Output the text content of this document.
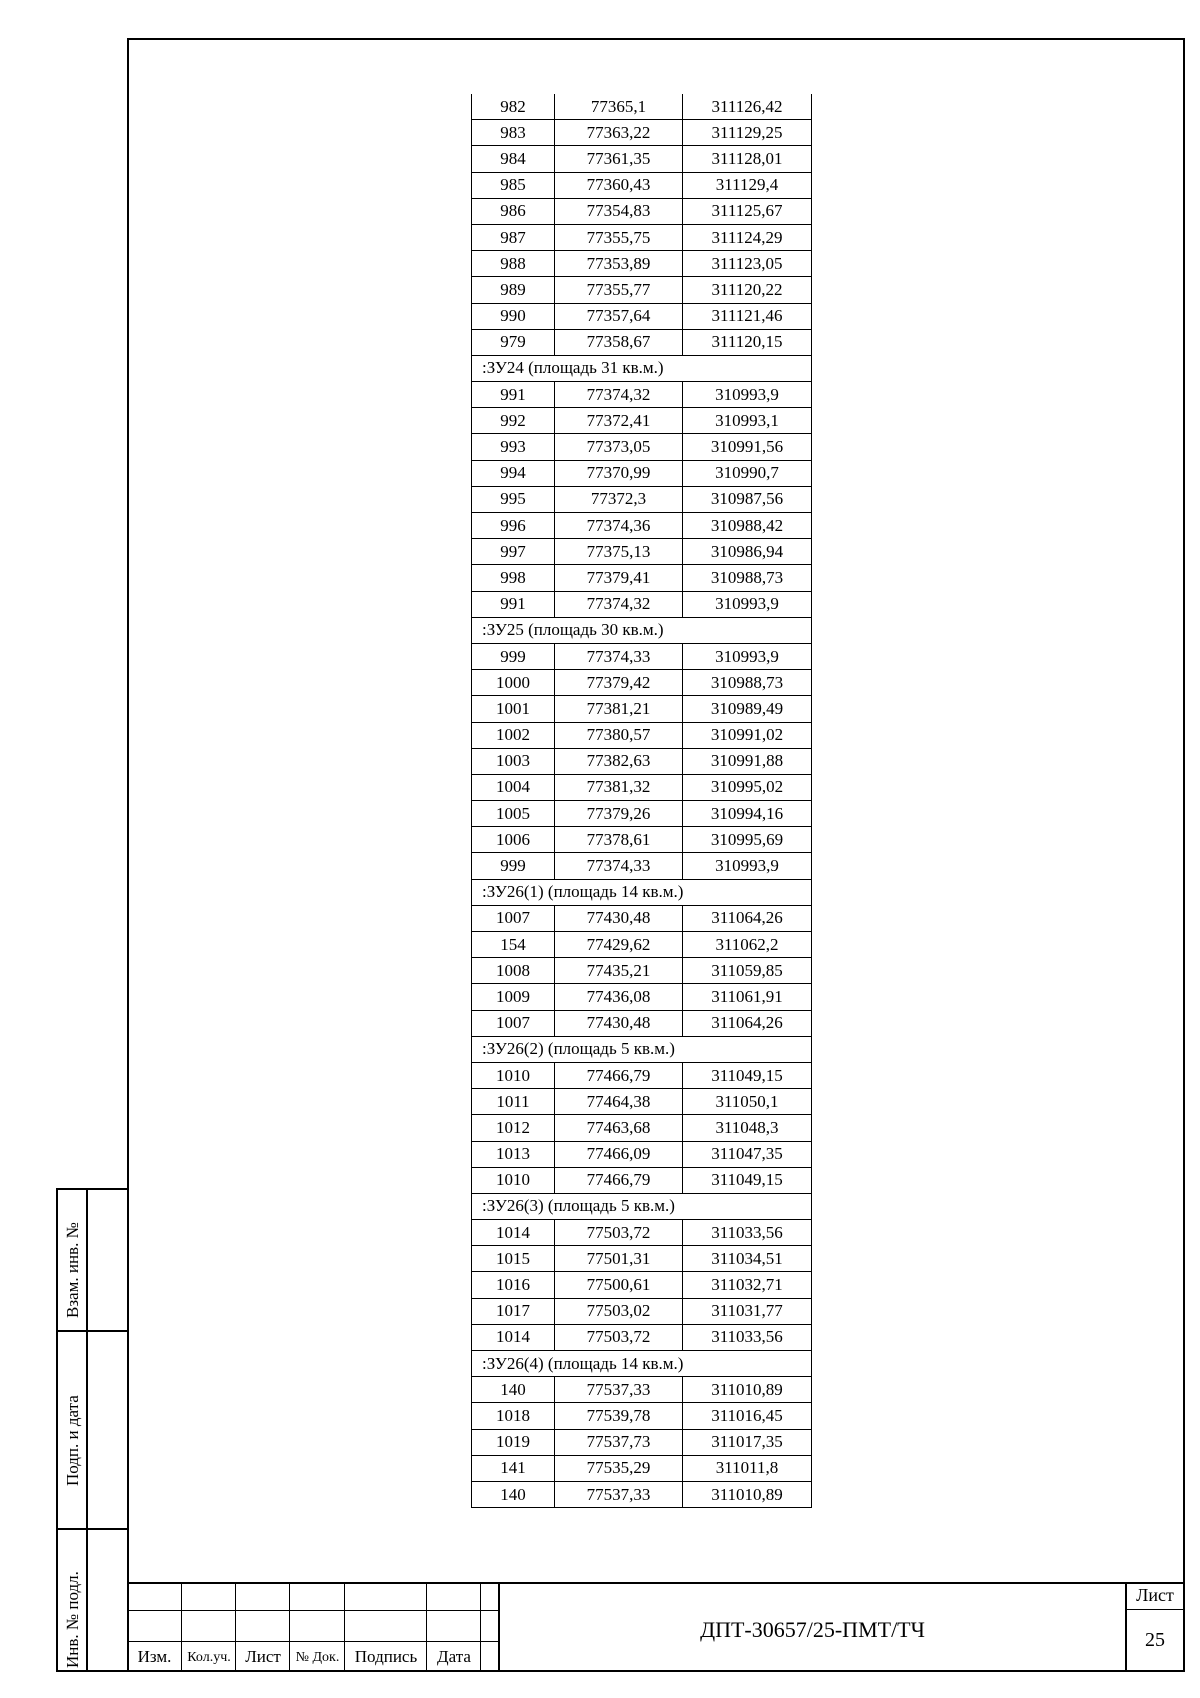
Взам. инв. №
Подп. и дата
Инв. № подл.
982	77365,1	311126,42
983	77363,22	311129,25
984	77361,35	311128,01
985	77360,43	311129,4
986	77354,83	311125,67
987	77355,75	311124,29
988	77353,89	311123,05
989	77355,77	311120,22
990	77357,64	311121,46
979	77358,67	311120,15
:ЗУ24 (площадь 31 кв.м.)		
991	77374,32	310993,9
992	77372,41	310993,1
993	77373,05	310991,56
994	77370,99	310990,7
995	77372,3	310987,56
996	77374,36	310988,42
997	77375,13	310986,94
998	77379,41	310988,73
991	77374,32	310993,9
:ЗУ25 (площадь 30 кв.м.)		
999	77374,33	310993,9
1000	77379,42	310988,73
1001	77381,21	310989,49
1002	77380,57	310991,02
1003	77382,63	310991,88
1004	77381,32	310995,02
1005	77379,26	310994,16
1006	77378,61	310995,69
999	77374,33	310993,9
:ЗУ26(1) (площадь 14 кв.м.)		
1007	77430,48	311064,26
154	77429,62	311062,2
1008	77435,21	311059,85
1009	77436,08	311061,91
1007	77430,48	311064,26
:ЗУ26(2) (площадь 5 кв.м.)		
1010	77466,79	311049,15
1011	77464,38	311050,1
1012	77463,68	311048,3
1013	77466,09	311047,35
1010	77466,79	311049,15
:ЗУ26(3) (площадь 5 кв.м.)		
1014	77503,72	311033,56
1015	77501,31	311034,51
1016	77500,61	311032,71
1017	77503,02	311031,77
1014	77503,72	311033,56
:ЗУ26(4) (площадь 14 кв.м.)		
140	77537,33	311010,89
1018	77539,78	311016,45
1019	77537,73	311017,35
141	77535,29	311011,8
140	77537,33	311010,89
Изм.	Кол.уч. Лист	№ Док. Подпись	Дата
ДПТ-30657/25-ПМТ/ТЧ
Лист
25
